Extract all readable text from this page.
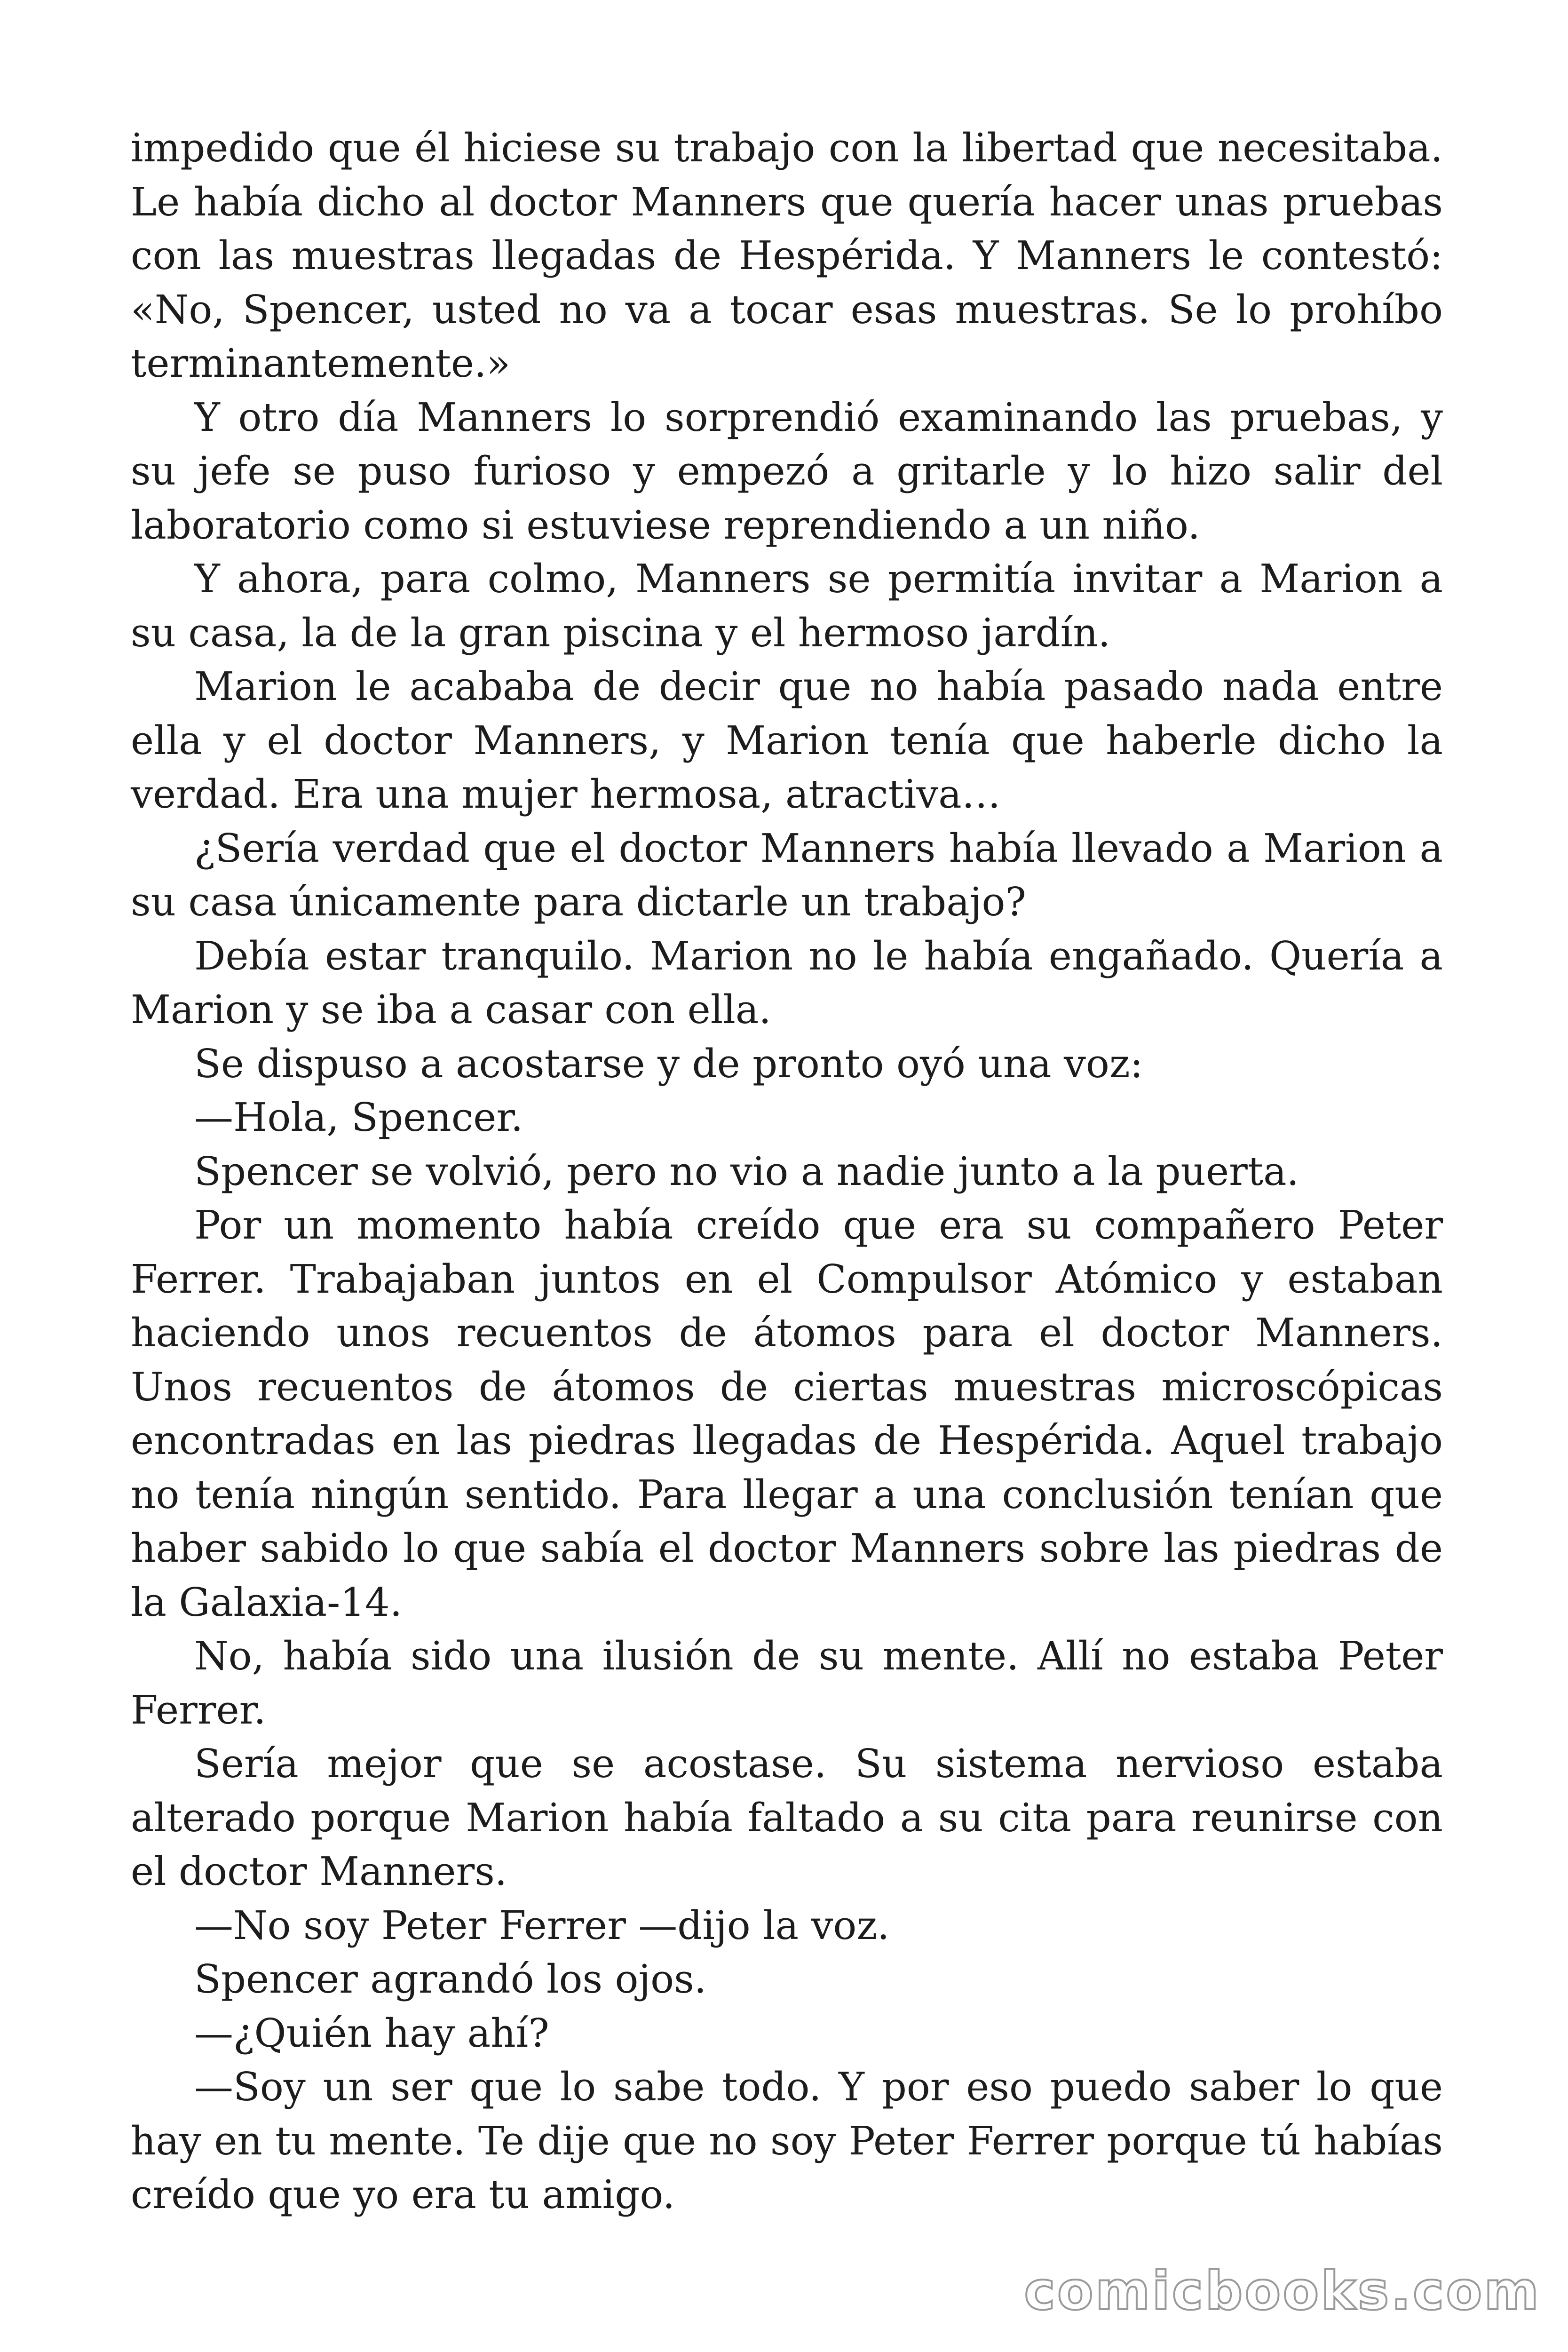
impedido que él hiciese su trabajo con la libertad que necesitaba. Le había dicho al doctor Manners que quería hacer unas pruebas con las muestras llegadas de Hespérida. Y Manners le contestó: «No, Spencer, usted no va a tocar esas muestras. Se lo prohíbo terminantemente.»

Y otro día Manners lo sorprendió examinando las pruebas, y su jefe se puso furioso y empezó a gritarle y lo hizo salir del laboratorio como si estuviese reprendiendo a un niño.

Y ahora, para colmo, Manners se permitía invitar a Marion a su casa, la de la gran piscina y el hermoso jardín.

Marion le acababa de decir que no había pasado nada entre ella y el doctor Manners, y Marion tenía que haberle dicho la verdad. Era una mujer hermosa, atractiva…

¿Sería verdad que el doctor Manners había llevado a Marion a su casa únicamente para dictarle un trabajo?

Debía estar tranquilo. Marion no le había engañado. Quería a Marion y se iba a casar con ella.

Se dispuso a acostarse y de pronto oyó una voz:

—Hola, Spencer.

Spencer se volvió, pero no vio a nadie junto a la puerta.

Por un momento había creído que era su compañero Peter Ferrer. Trabajaban juntos en el Compulsor Atómico y estaban haciendo unos recuentos de átomos para el doctor Manners. Unos recuentos de átomos de ciertas muestras microscópicas encontradas en las piedras llegadas de Hespérida. Aquel trabajo no tenía ningún sentido. Para llegar a una conclusión tenían que haber sabido lo que sabía el doctor Manners sobre las piedras de la Galaxia-14.

No, había sido una ilusión de su mente. Allí no estaba Peter Ferrer.

Sería mejor que se acostase. Su sistema nervioso estaba alterado porque Marion había faltado a su cita para reunirse con el doctor Manners.

—No soy Peter Ferrer —dijo la voz.

Spencer agrandó los ojos.

—¿Quién hay ahí?

—Soy un ser que lo sabe todo. Y por eso puedo saber lo que hay en tu mente. Te dije que no soy Peter Ferrer porque tú habías creído que yo era tu amigo.

comicbooks.com
